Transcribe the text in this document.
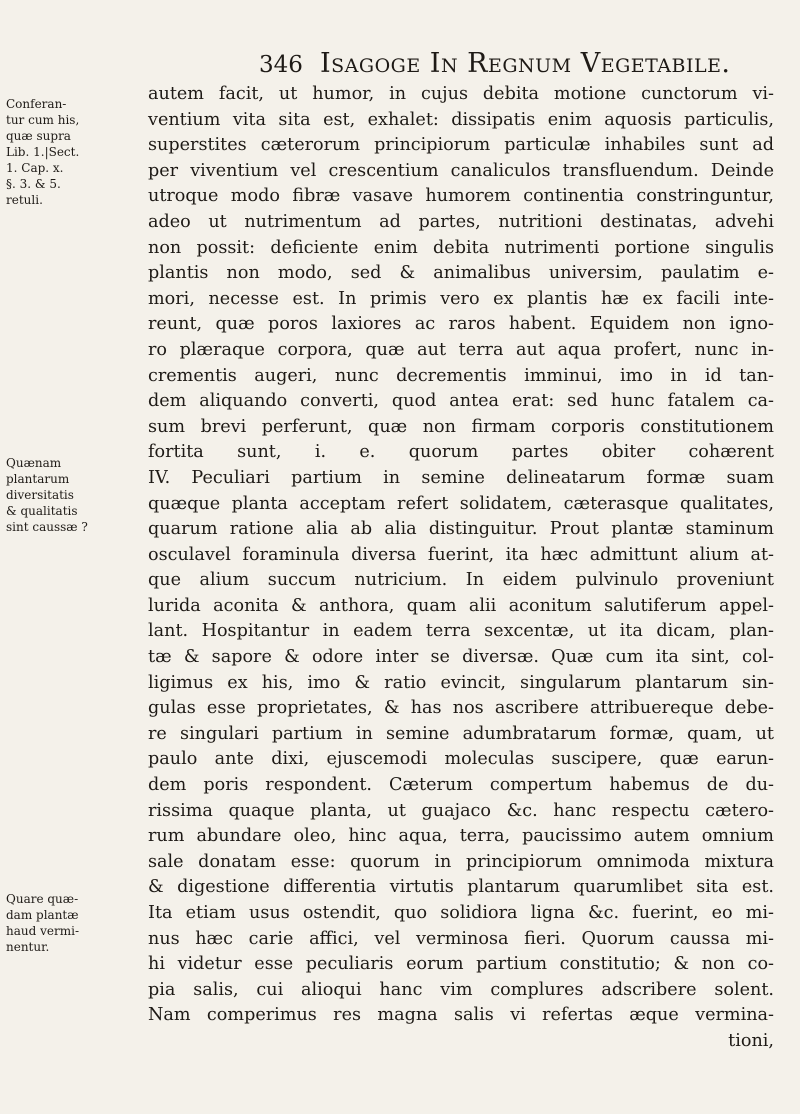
346 Isagoge In Regnum Vegetabile.
Conferan-
tur cum his,
quæ supra
Lib. 1.|Sect.
1. Cap. x.
§. 3. & 5.
retuli.
Quænam
plantarum
diversitatis
& qualitatis
sint caussæ ?
Quare quæ-
dam plantæ
haud vermi-
nentur.
autem facit, ut humor, in cujus debita motione cunctorum vi-
ventium vita sita est, exhalet: dissipatis enim aquosis particulis,
superstites cæterorum principiorum particulæ inhabiles sunt ad
per viventium vel crescentium canaliculos transfluendum. Deinde
utroque modo fibræ vasave humorem continentia constringuntur,
adeo ut nutrimentum ad partes, nutritioni destinatas, advehi
non possit: deficiente enim debita nutrimenti portione singulis
plantis non modo, sed & animalibus universim, paulatim e-
mori, necesse est. In primis vero ex plantis hæ ex facili inte-
reunt, quæ poros laxiores ac raros habent. Equidem non igno-
ro plæraque corpora, quæ aut terra aut aqua profert, nunc in-
crementis augeri, nunc decrementis imminui, imo in id tan-
dem aliquando converti, quod antea erat: sed hunc fatalem ca-
sum brevi perferunt, quæ non firmam corporis constitutionem
fortita sunt, i. e. quorum partes obiter cohærent
IV. Peculiari partium in semine delineatarum formæ suam
quæque planta acceptam refert solidatem, cæterasque qualitates,
quarum ratione alia ab alia distinguitur. Prout plantæ staminum
osculavel foraminula diversa fuerint, ita hæc admittunt alium at-
que alium succum nutricium. In eidem pulvinulo proveniunt
lurida aconita & anthora, quam alii aconitum salutiferum appel-
lant. Hospitantur in eadem terra sexcentæ, ut ita dicam, plan-
tæ & sapore & odore inter se diversæ. Quæ cum ita sint, col-
ligimus ex his, imo & ratio evincit, singularum plantarum sin-
gulas esse proprietates, & has nos ascribere attribuereque debe-
re singulari partium in semine adumbratarum formæ, quam, ut
paulo ante dixi, ejuscemodi moleculas suscipere, quæ earun-
dem poris respondent. Cæterum compertum habemus de du-
rissima quaque planta, ut guajaco &c. hanc respectu cætero-
rum abundare oleo, hinc aqua, terra, paucissimo autem omnium
sale donatam esse: quorum in principiorum omnimoda mixtura
& digestione differentia virtutis plantarum quarumlibet sita est.
Ita etiam usus ostendit, quo solidiora ligna &c. fuerint, eo mi-
nus hæc carie affici, vel verminosa fieri. Quorum caussa mi-
hi videtur esse peculiaris eorum partium constitutio; & non co-
pia salis, cui alioqui hanc vim complures adscribere solent.
Nam comperimus res magna salis vi refertas æque vermina-
tioni,
